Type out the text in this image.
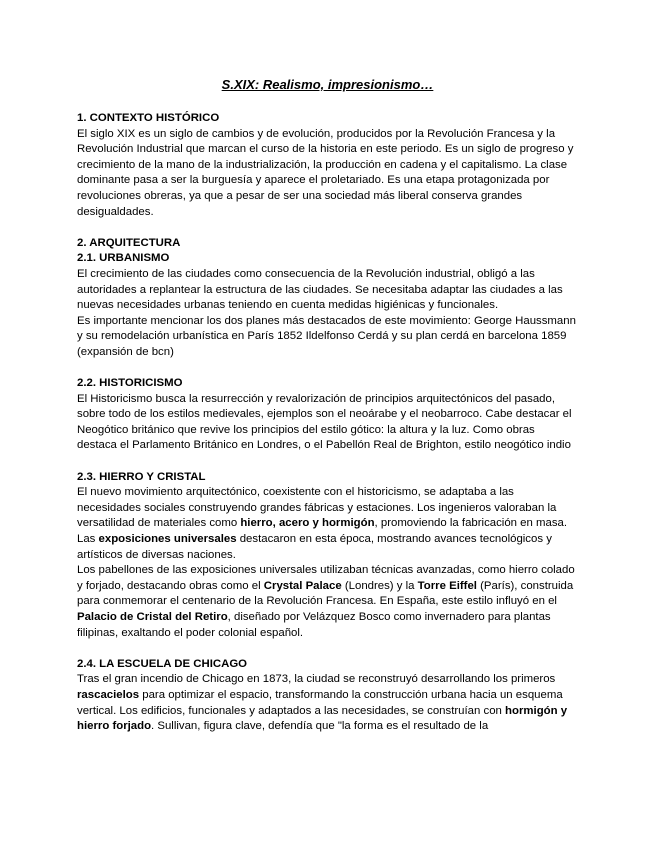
S.XIX: Realismo, impresionismo…

1. CONTEXTO HISTÓRICO

El siglo XIX es un siglo de cambios y de evolución, producidos por la Revolución Francesa y la Revolución Industrial que marcan el curso de la historia en este periodo. Es un siglo de progreso y crecimiento de la mano de la industrialización, la producción en cadena y el capitalismo. La clase dominante pasa a ser la burguesía y aparece el proletariado. Es una etapa protagonizada por revoluciones obreras, ya que a pesar de ser una sociedad más liberal conserva grandes desigualdades.

2. ARQUITECTURA

2.1. URBANISMO

El crecimiento de las ciudades como consecuencia de la Revolución industrial, obligó a las autoridades a replantear la estructura de las ciudades. Se necesitaba adaptar las ciudades a las nuevas necesidades urbanas teniendo en cuenta medidas higiénicas y funcionales.

Es importante mencionar los dos planes más destacados de este movimiento: George Haussmann y su remodelación urbanística en París 1852 Ildelfonso Cerdá y su plan cerdá en barcelona 1859 (expansión de bcn)

2.2. HISTORICISMO

El Historicismo busca la resurrección y revalorización de principios arquitectónicos del pasado, sobre todo de los estilos medievales, ejemplos son el neoárabe y el neobarroco. Cabe destacar el Neogótico británico que revive los principios del estilo gótico: la altura y la luz. Como obras destaca el Parlamento Británico en Londres, o el Pabellón Real de Brighton, estilo neogótico indio

2.3. HIERRO Y CRISTAL

El nuevo movimiento arquitectónico, coexistente con el historicismo, se adaptaba a las necesidades sociales construyendo grandes fábricas y estaciones. Los ingenieros valoraban la versatilidad de materiales como hierro, acero y hormigón, promoviendo la fabricación en masa. Las exposiciones universales destacaron en esta época, mostrando avances tecnológicos y artísticos de diversas naciones.

Los pabellones de las exposiciones universales utilizaban técnicas avanzadas, como hierro colado y forjado, destacando obras como el Crystal Palace (Londres) y la Torre Eiffel (París), construida para conmemorar el centenario de la Revolución Francesa. En España, este estilo influyó en el Palacio de Cristal del Retiro, diseñado por Velázquez Bosco como invernadero para plantas filipinas, exaltando el poder colonial español.

2.4. LA ESCUELA DE CHICAGO

Tras el gran incendio de Chicago en 1873, la ciudad se reconstruyó desarrollando los primeros rascacielos para optimizar el espacio, transformando la construcción urbana hacia un esquema vertical. Los edificios, funcionales y adaptados a las necesidades, se construían con hormigón y hierro forjado. Sullivan, figura clave, defendía que "la forma es el resultado de la
